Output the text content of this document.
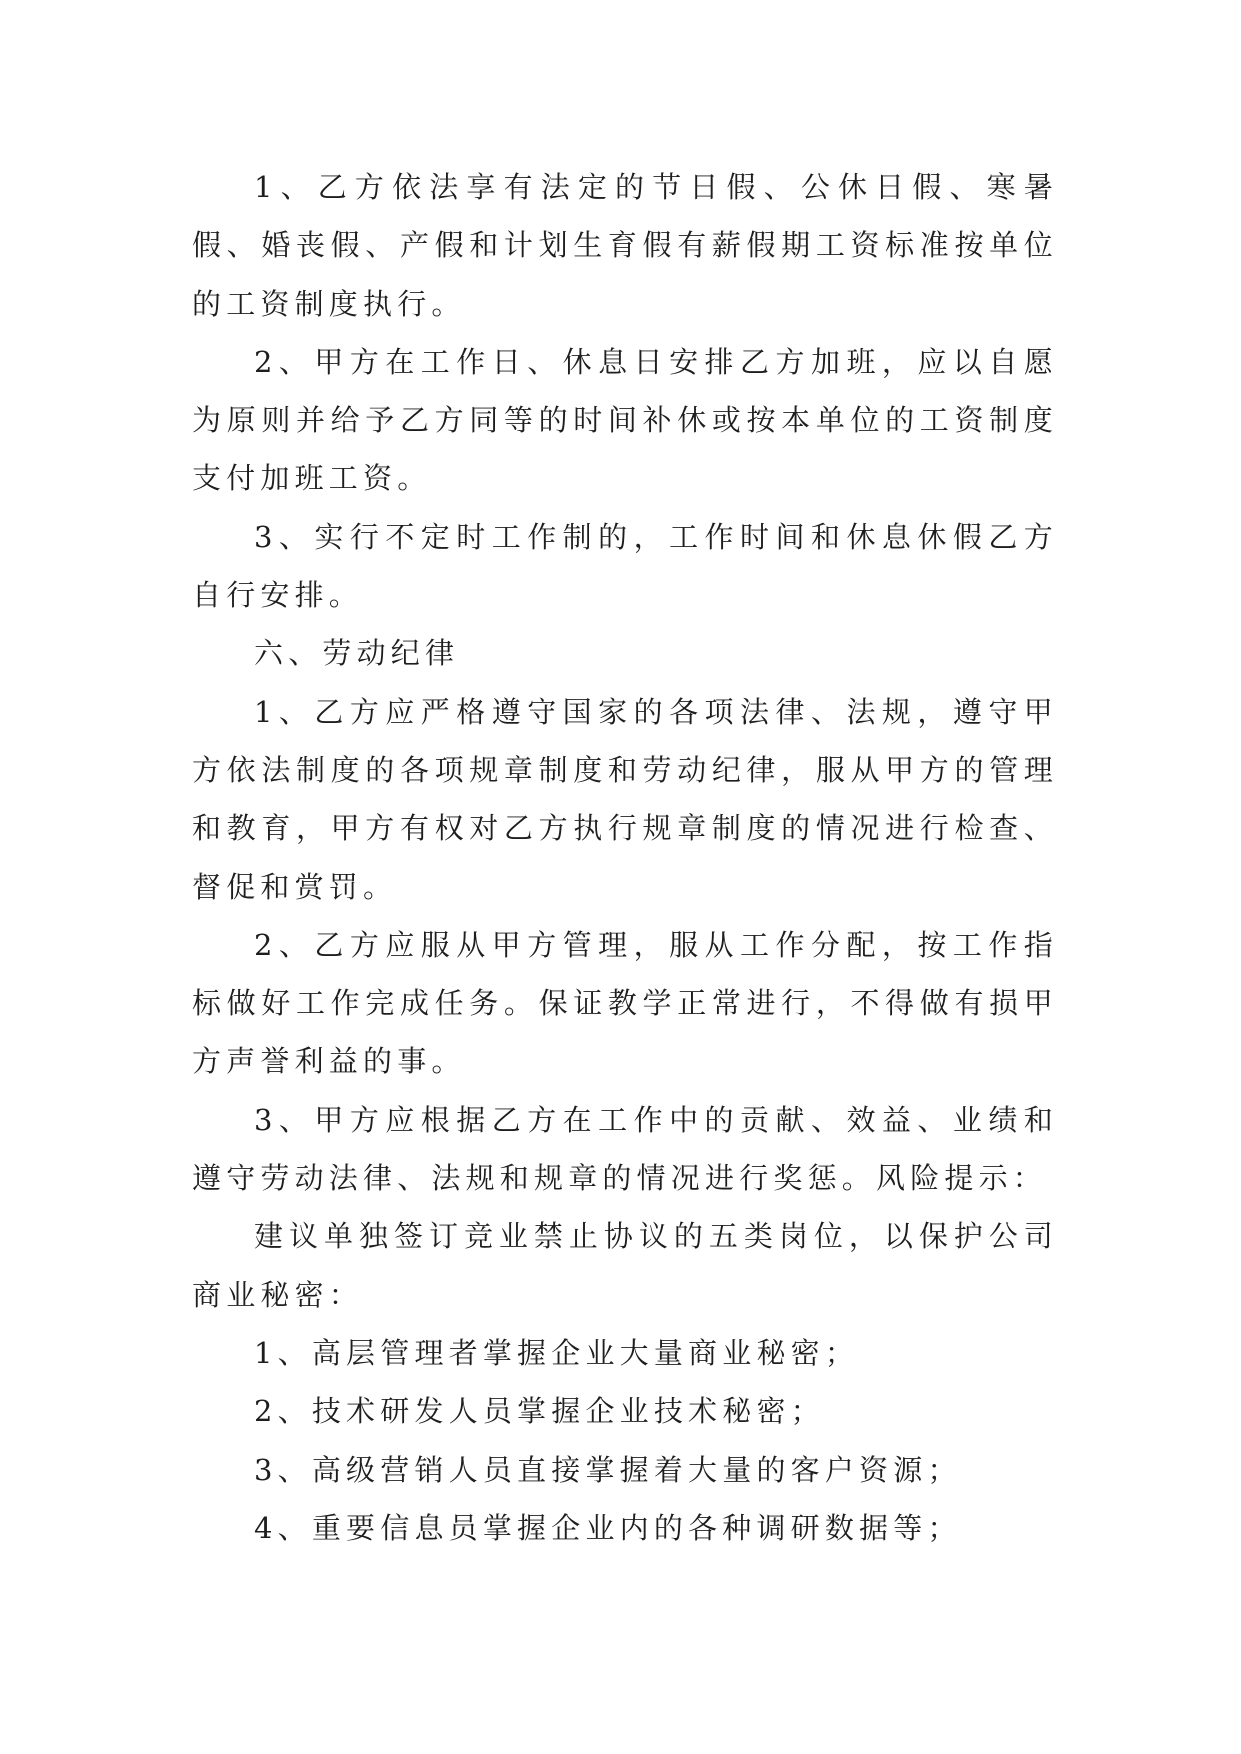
1、乙方依法享有法定的节日假、公休日假、寒暑假、婚丧假、产假和计划生育假有薪假期工资标准按单位的工资制度执行。

2、甲方在工作日、休息日安排乙方加班，应以自愿为原则并给予乙方同等的时间补休或按本单位的工资制度支付加班工资。

3、实行不定时工作制的，工作时间和休息休假乙方自行安排。

六、劳动纪律

1、乙方应严格遵守国家的各项法律、法规，遵守甲方依法制度的各项规章制度和劳动纪律，服从甲方的管理和教育，甲方有权对乙方执行规章制度的情况进行检查、督促和赏罚。

2、乙方应服从甲方管理，服从工作分配，按工作指标做好工作完成任务。保证教学正常进行，不得做有损甲方声誉利益的事。

3、甲方应根据乙方在工作中的贡献、效益、业绩和遵守劳动法律、法规和规章的情况进行奖惩。风险提示：

建议单独签订竞业禁止协议的五类岗位，以保护公司商业秘密：

1、高层管理者掌握企业大量商业秘密；

2、技术研发人员掌握企业技术秘密；

3、高级营销人员直接掌握着大量的客户资源；

4、重要信息员掌握企业内的各种调研数据等；
